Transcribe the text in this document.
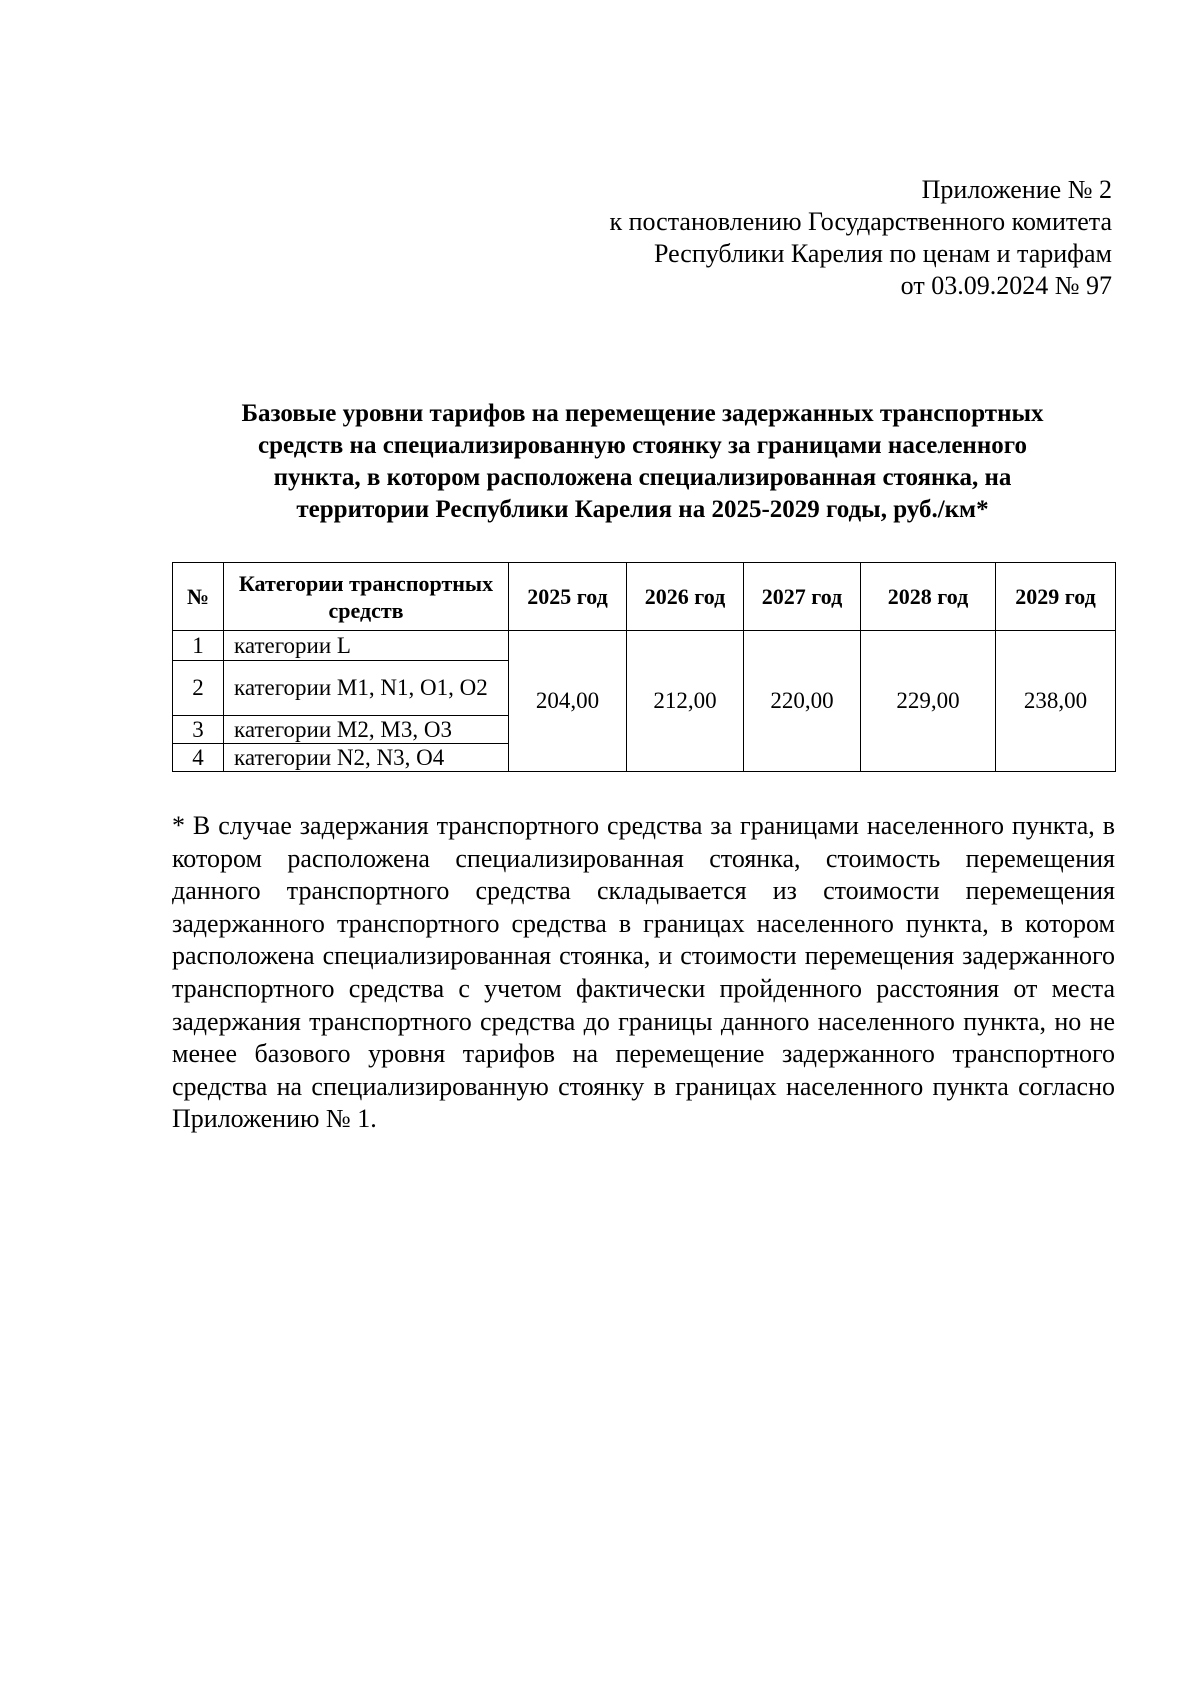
Приложение № 2
к постановлению Государственного комитета
Республики Карелия по ценам и тарифам
от 03.09.2024 № 97
Базовые уровни тарифов на перемещение задержанных транспортных
средств на специализированную стоянку за границами населенного
пункта, в котором расположена специализированная стоянка, на
территории Республики Карелия на 2025-2029 годы, руб./км*
№	Категории транспортных средств	2025 год	2026 год	2027 год	2028 год	2029 год
1	категории L	204,00	212,00	220,00	229,00	238,00
2	категории M1, N1, O1, O2					
3	категории M2, M3, O3					
4	категории N2, N3, O4					
* В случае задержания транспортного средства за границами населенного пункта, в котором расположена специализированная стоянка, стоимость перемещения данного транспортного средства складывается из стоимости перемещения задержанного транспортного средства в границах населенного пункта, в котором расположена специализированная стоянка, и стоимости перемещения задержанного транспортного средства с учетом фактически пройденного расстояния от места задержания транспортного средства до границы данного населенного пункта, но не менее базового уровня тарифов на перемещение задержанного транспортного средства на специализированную стоянку в границах населенного пункта согласно Приложению № 1.
